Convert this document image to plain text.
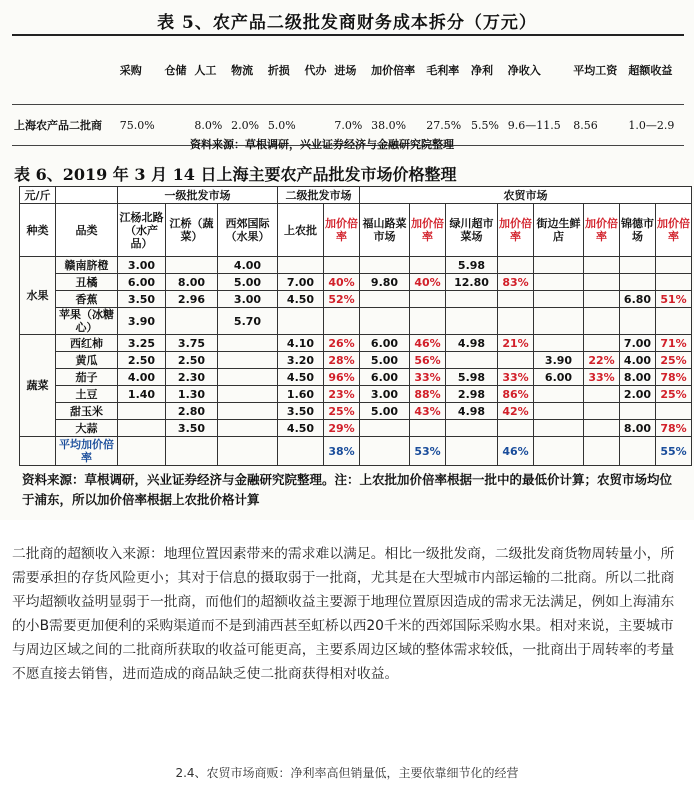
表 5、农产品二级批发商财务成本拆分（万元）
	采购	仓储	人工	物流	折损	代办	进场	加价倍率	毛利率	净利	净收入	平均工资	超额收益
上海农产品二批商	75.0%		8.0%	2.0%	5.0%		7.0%	38.0%	27.5%	5.5%	9.6—11.5	8.56	1.0—2.9
资料来源：草根调研，兴业证券经济与金融研究院整理
表 6、2019 年 3 月 14 日上海主要农产品批发市场价格整理
元/斤		一级批发市场			二级批发市场		农贸市场							
种类	品类	江杨北路（水产品）	江桥（蔬菜）	西郊国际（水果）	上农批	加价倍率	福山路菜市场	加价倍率	绿川超市菜场	加价倍率	街边生鲜店	加价倍率	锦德市场	加价倍率
水果	赣南脐橙	3.00		4.00					5.98					
	丑橘	6.00	8.00	5.00	7.00	40%	9.80	40%	12.80	83%				
	香蕉	3.50	2.96	3.00	4.50	52%							6.80	51%
	苹果（冰糖心）	3.90		5.70										
蔬菜	西红柿	3.25	3.75		4.10	26%	6.00	46%	4.98	21%			7.00	71%
	黄瓜	2.50	2.50		3.20	28%	5.00	56%			3.90	22%	4.00	25%
	茄子	4.00	2.30		4.50	96%	6.00	33%	5.98	33%	6.00	33%	8.00	78%
	土豆	1.40	1.30		1.60	23%	3.00	88%	2.98	86%			2.00	25%
	甜玉米		2.80		3.50	25%	5.00	43%	4.98	42%				
	大蒜		3.50		4.50	29%							8.00	78%
	平均加价倍率					38%		53%		46%				55%
资料来源：草根调研，兴业证券经济与金融研究院整理。注：上农批加价倍率根据一批中的最低价计算；农贸市场均位于浦东，所以加价倍率根据上农批价格计算
二批商的超额收入来源：地理位置因素带来的需求难以满足。相比一级批发商，二级批发商货物周转量小，所需要承担的存货风险更小；其对于信息的摄取弱于一批商，尤其是在大型城市内部运输的二批商。所以二批商平均超额收益明显弱于一批商，而他们的超额收益主要源于地理位置原因造成的需求无法满足，例如上海浦东的小B需要更加便利的采购渠道而不是到浦西甚至虹桥以西20千米的西郊国际采购水果。相对来说，主要城市与周边区域之间的二批商所获取的收益可能更高，主要系周边区域的整体需求较低，一批商出于周转率的考量不愿直接去销售，进而造成的商品缺乏使二批商获得相对收益。
2.4、农贸市场商贩：净利率高但销量低，主要依靠细节化的经营
